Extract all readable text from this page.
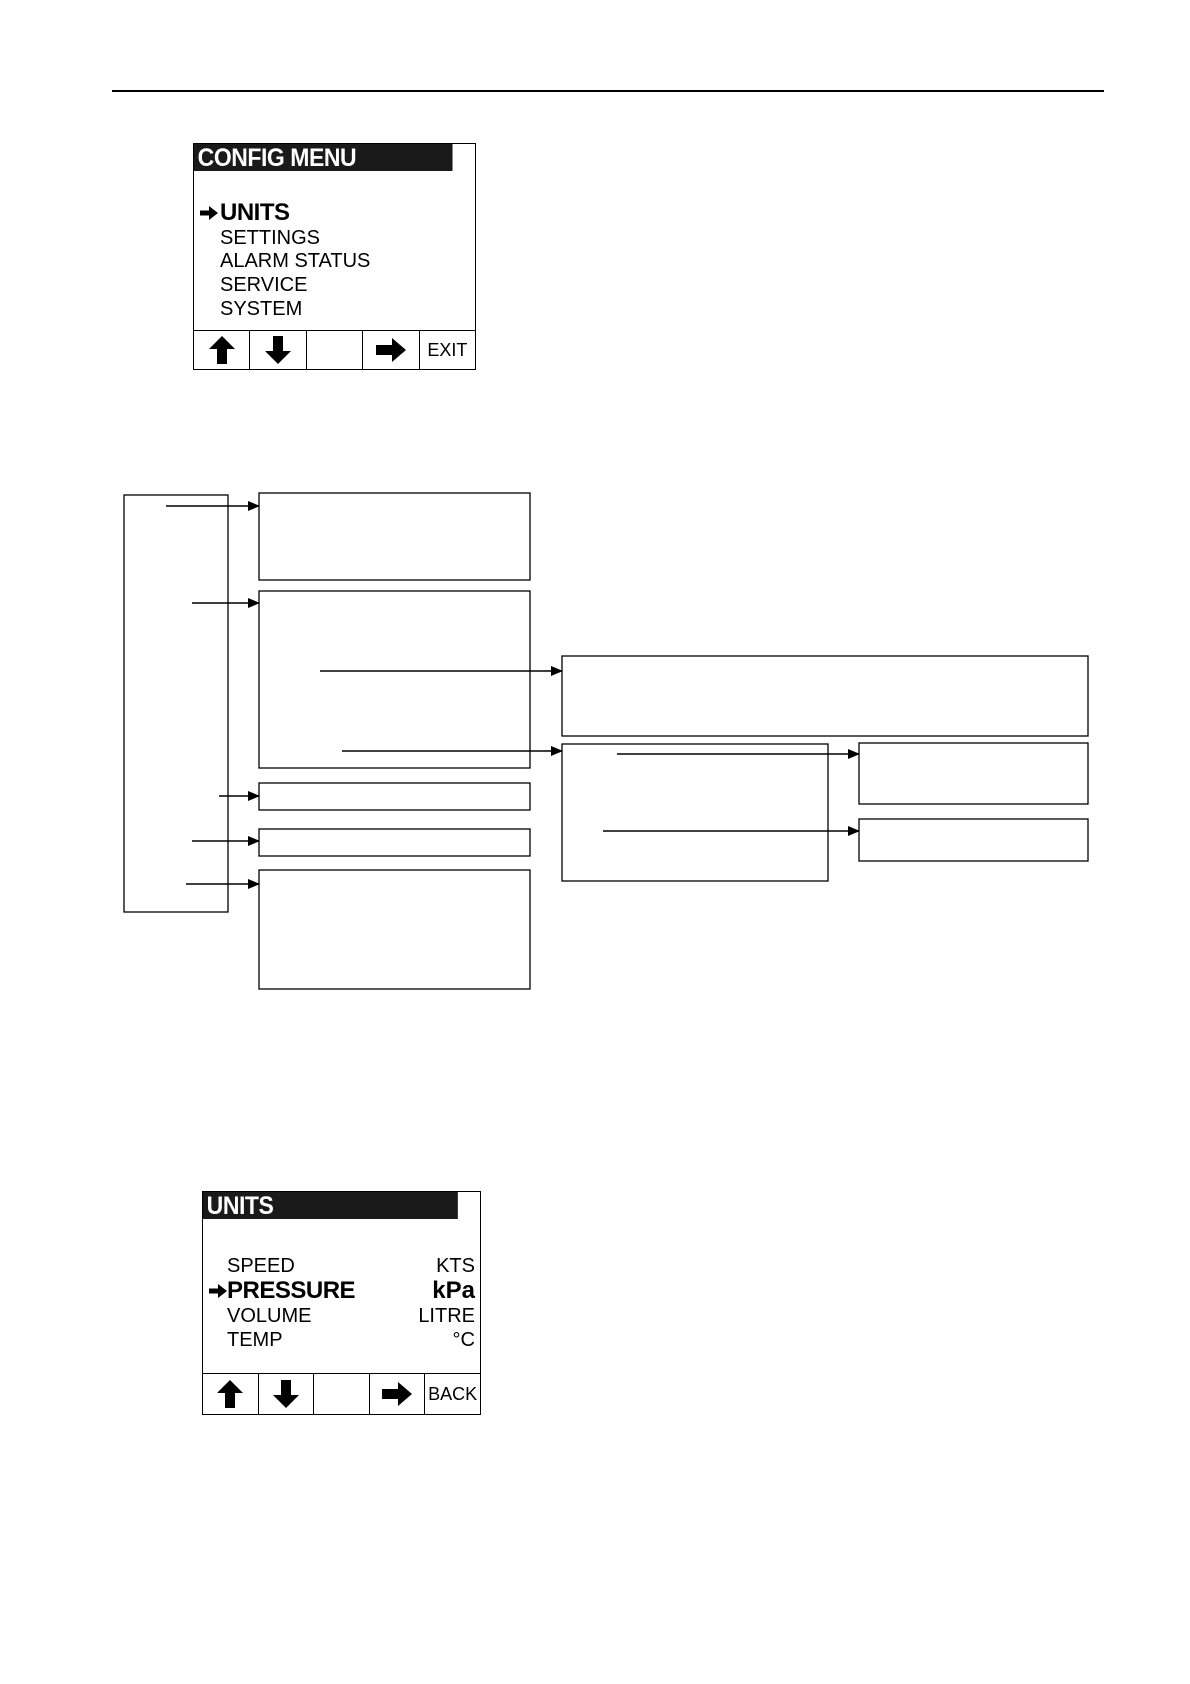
CONFIG MENU
UNITS
SETTINGS
ALARM STATUS
SERVICE
SYSTEM
EXIT
UNITS
SPEED	KTS
PRESSURE	kPa
VOLUME	LITRE
TEMP	°C
BACK
